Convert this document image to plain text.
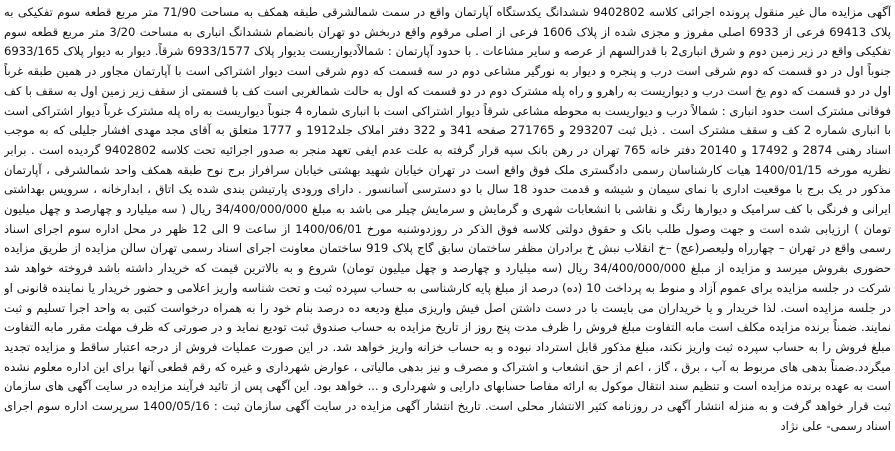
آگهی مزایده مال غیر منقول پرونده اجرائی کلاسه 9402802 ششدانگ یکدستگاه آپارتمان واقع در سمت شمالشرقی طبقه همکف به مساحت 71/90 متر مربع قطعه سوم تفکیکی به پلاک 69413 فرعی از 6933 اصلی مفروز و مجزی شده از پلاک 1606 فرعی از اصلی مرقوم واقع دربخش دو تهران بانضمام ششدانگ انباری به مساحت 3/20 متر مربع قطعه سوم تفکیکی واقع در زیر زمین دوم و شرق انباری2 با قدرالسهم از عرصه و سایر مشاعات . با حدود آپارتمان : شمالاًدیواریست بدیوار پلاک 6933/1577 شرقاً. دیوار به دیوار پلاک 6933/165 جنوباً اول در دو قسمت که دوم شرقی است درب و پنجره و دیوار به نورگیر مشاعی دوم در سه قسمت که دوم شرقی است دیوار اشتراکی است با آپارتمان مجاور در همین طبقه غرباً اول در دو قسمت که دوم یخ است درب و دیواریست به راهرو و راه پله مشترک دوم در دو قسمت که اول به حالت شمالغربی است کف با قسمتی از سقف زیر زمین اول به سقف با کف فوقانی مشترک است حدود انباری : شمالاً درب و دیواریست به محوطه مشاعی شرقاً دیوار اشتراکی است با انباری شماره 4 جنوباً دیواریست به راه پله مشترک غرباً دیوار اشتراکی است با انباری شماره 2 کف و سقف مشترک است . ذیل ثبت 293207 و 271765 صفحه 341 و 322 دفتر املاک جلد1912 و 1777 متعلق به آقای مجد مهدی افشار جلیلی که به موجب اسناد رهنی 2874 و 17492 و 20140 دفتر خانه 765 تهران در رهن بانک سپه قرار گرفته به علت عدم ایفی تعهد منجر به صدور اجرائیه تحت کلاسه 9402802 گردیده است . برابر نظریه مورخه 1400/01/15 هیات کارشناسان رسمی دادگستری ملک فوق واقع است در تهران خیابان شهید بهشتی خیابان سرافراز برج نوح طبقه همکف واحد شمالشرقی ، آپارتمان مذکور در یک برج با موقعیت اداری با نمای سیمان و شیشه و قدمت حدود 18 سال با دو دسترسی آسانسور . دارای ورودی پارتیشن بندی شده یک اتاق ، ابدارخانه ، سرویس بهداشتی ایرانی و فرنگی با کف سرامیک و دیوارها رنگ و نقاشی با انشعابات شهری و گرمایش و سرمایش چیلر می باشد به مبلغ 34/400/000/000 ریال ( سه میلیارد و چهارصد و چهل میلیون تومان ) ارزیابی شده است و جهت وصول طلب بانک و حقوق دولتی کلاسه فوق الذکر در روزدوشنبه مورخ 1400/06/01 از ساعت 9 الی 12 ظهر در محل اداره سوم اجرای اسناد رسمی واقع در تهران – چهارراه ولیعصر(عج) –خ انقلاب نبش خ برادران مظفر ساختمان سابق گاج پلاک 919 ساختمان معاونت اجرای اسناد رسمی تهران سالن مزایده از طریق مزایده حضوری بفروش میرسد و مزایده از مبلغ 34/400/000/000 ریال (سه میلیارد و چهارصد و چهل میلیون تومان) شروع و به بالاترین قیمت که خریدار داشته باشد فروخته خواهد شد شرکت در جلسه مزایده برای عموم آزاد و منوط به پرداخت 10 (ده) درصد از مبلغ پایه کارشناسی به حساب سپرده ثبت و تحت شناسه واریز اعلامی و حضور خریدار یا نماینده قانونی او در جلسه مزایده است. لذا خریدار و یا خریداران می بایست با در دست داشتن اصل فیش واریزی مبلغ ودیعه ده درصد بنام خود را به همراه درخواست کتبی به واحد اجرا تسلیم و ثبت نمایند. ضمناً برنده مزایده مکلف است مابه التفاوت مبلغ فروش را ظرف مدت پنج روز از تاریخ مزایده به حساب صندوق ثبت تودیع نماید و در صورتی که ظرف مهلت مقرر مابه التفاوت مبلغ فروش را به حساب سپرده ثبت واریز نکند، مبلغ مذکور قابل استرداد نبوده و به حساب خزانه واریز خواهد شد. در این صورت عملیات فروش از درجه اعتبار ساقط و مزایده تجدید میگردد.ضمناً بدهی های مربوط به آب ، برق ، گاز ، اعم از حق انشعاب و اشتراک و مصرف و نیز بدهی مالیاتی ، عوارض شهرداری و غیره که رقم قطعی آنها برای این اداره معلوم نشده است به عهده برنده مزایده است و تنظیم سند انتقال موکول به ارائه مفاصا حسابهای دارایی و شهرداری و ... خواهد بود. این آگهی پس از تائید فرآیند مزایده در سایت آگهی های سازمان ثبت قرار خواهد گرفت و به منزله انتشار آگهی در روزنامه کثیر الانتشار محلی است. تاریخ انتشار آگهی مزایده در سایت آگهی سازمان ثبت : 1400/05/16 سرپرست اداره سوم اجرای اسناد رسمی- علی نژاد
